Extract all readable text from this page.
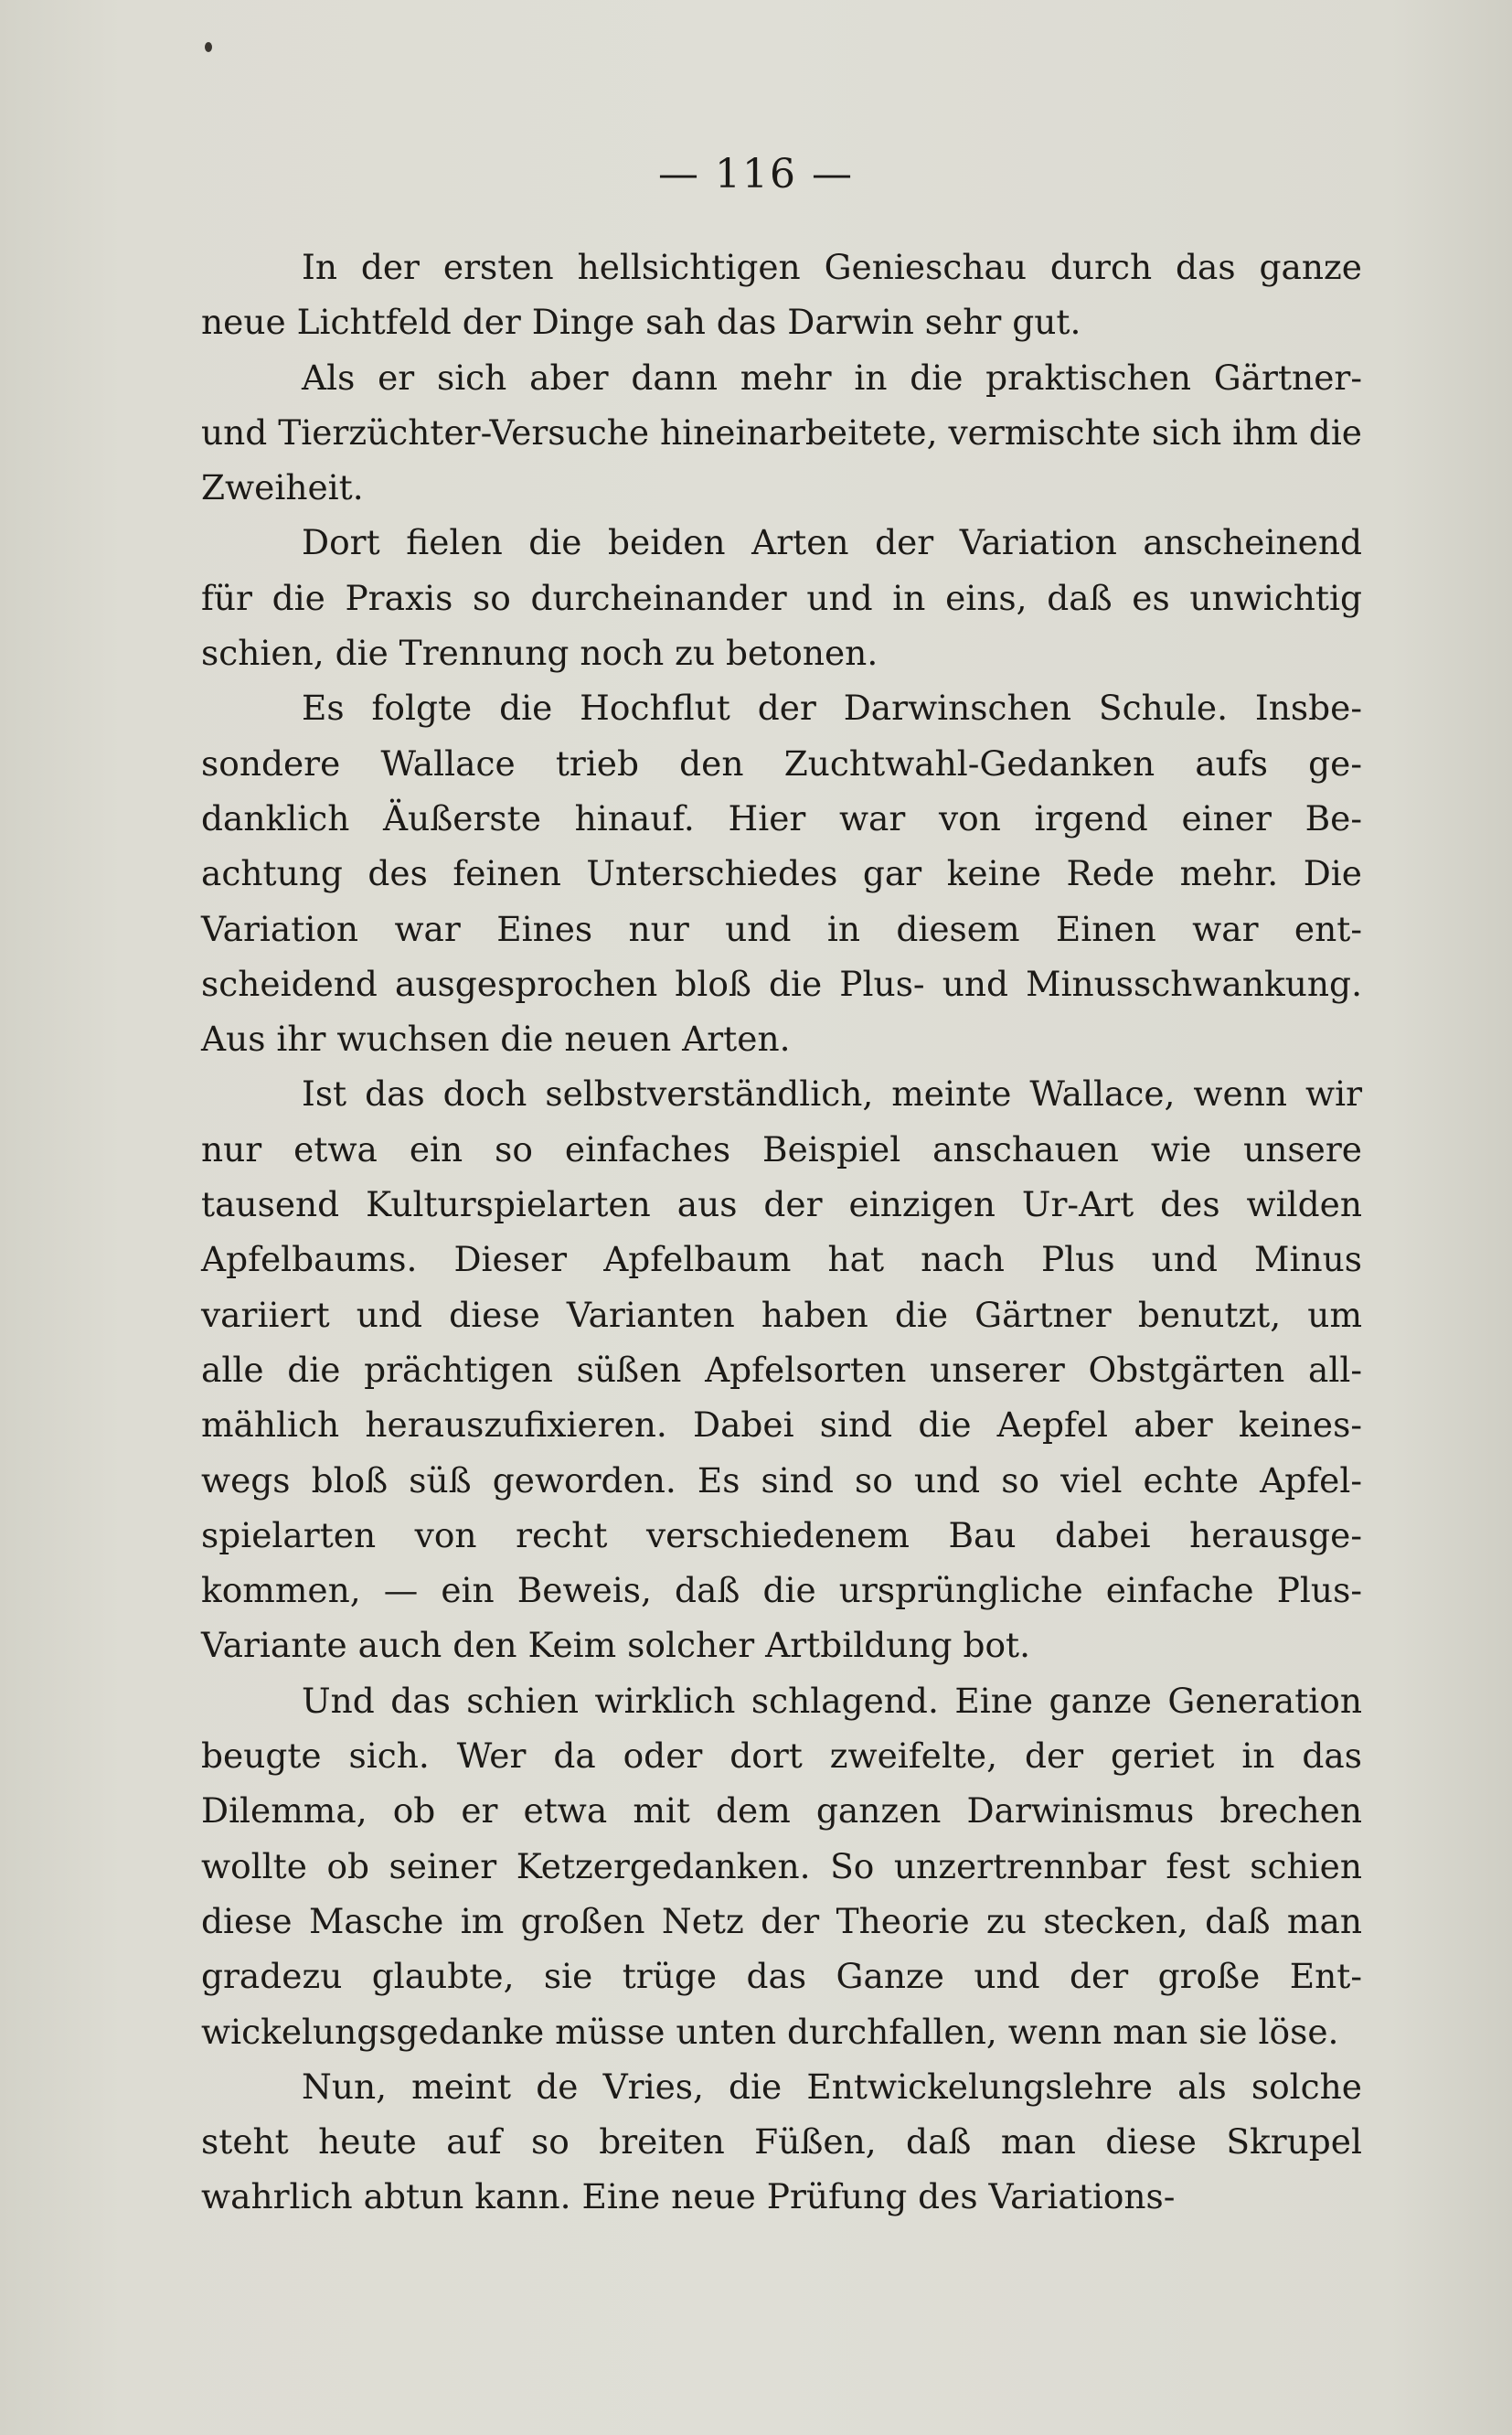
— 116 —
In der ersten hellsichtigen Genieschau durch das ganze
neue Lichtfeld der Dinge sah das Darwin sehr gut.
Als er sich aber dann mehr in die praktischen Gärtner-
und Tierzüchter-Versuche hineinarbeitete, vermischte sich ihm die
Zweiheit.
Dort fielen die beiden Arten der Variation anscheinend
für die Praxis so durcheinander und in eins, daß es unwichtig
schien, die Trennung noch zu betonen.
Es folgte die Hochflut der Darwinschen Schule. Insbe-
sondere Wallace trieb den Zuchtwahl-Gedanken aufs ge-
danklich Äußerste hinauf. Hier war von irgend einer Be-
achtung des feinen Unterschiedes gar keine Rede mehr. Die
Variation war Eines nur und in diesem Einen war ent-
scheidend ausgesprochen bloß die Plus- und Minusschwankung.
Aus ihr wuchsen die neuen Arten.
Ist das doch selbstverständlich, meinte Wallace, wenn wir
nur etwa ein so einfaches Beispiel anschauen wie unsere
tausend Kulturspielarten aus der einzigen Ur-Art des wilden
Apfelbaums. Dieser Apfelbaum hat nach Plus und Minus
variiert und diese Varianten haben die Gärtner benutzt, um
alle die prächtigen süßen Apfelsorten unserer Obstgärten all-
mählich herauszufixieren. Dabei sind die Aepfel aber keines-
wegs bloß süß geworden. Es sind so und so viel echte Apfel-
spielarten von recht verschiedenem Bau dabei herausge-
kommen, — ein Beweis, daß die ursprüngliche einfache Plus-
Variante auch den Keim solcher Artbildung bot.
Und das schien wirklich schlagend. Eine ganze Generation
beugte sich. Wer da oder dort zweifelte, der geriet in das
Dilemma, ob er etwa mit dem ganzen Darwinismus brechen
wollte ob seiner Ketzergedanken. So unzertrennbar fest schien
diese Masche im großen Netz der Theorie zu stecken, daß man
gradezu glaubte, sie trüge das Ganze und der große Ent-
wickelungsgedanke müsse unten durchfallen, wenn man sie löse.
Nun, meint de Vries, die Entwickelungslehre als solche
steht heute auf so breiten Füßen, daß man diese Skrupel
wahrlich abtun kann. Eine neue Prüfung des Variations-
